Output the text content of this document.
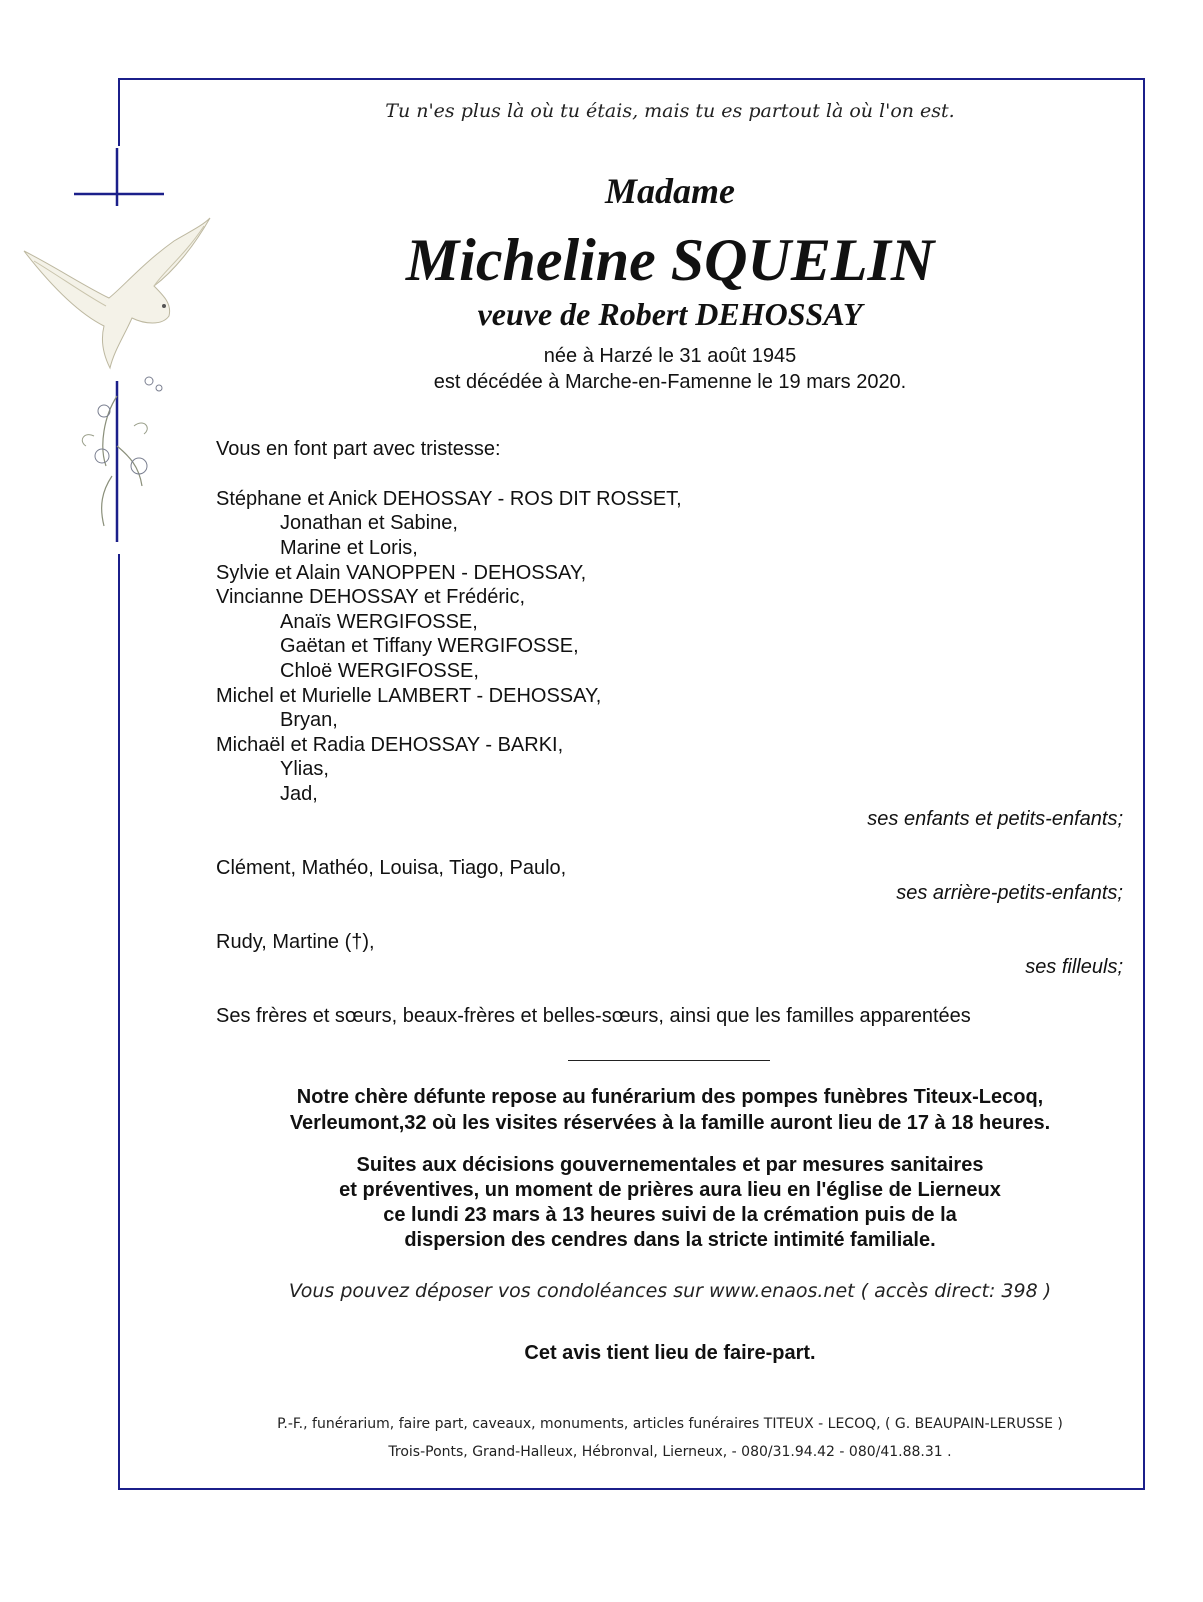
Tu n'es plus là où tu étais, mais tu es partout là où l'on est.
Madame
Micheline SQUELIN
veuve de Robert DEHOSSAY
née à Harzé le 31 août 1945
est décédée à Marche-en-Famenne le 19 mars 2020.
Vous en font part avec tristesse:
Stéphane et Anick DEHOSSAY - ROS DIT ROSSET,
Jonathan et Sabine,
Marine et Loris,
Sylvie et Alain VANOPPEN - DEHOSSAY,
Vincianne DEHOSSAY et Frédéric,
Anaïs WERGIFOSSE,
Gaëtan et Tiffany WERGIFOSSE,
Chloë WERGIFOSSE,
Michel et Murielle LAMBERT - DEHOSSAY,
Bryan,
Michaël et Radia DEHOSSAY - BARKI,
Ylias,
Jad,
ses enfants et petits-enfants;
Clément, Mathéo, Louisa, Tiago, Paulo,
ses arrière-petits-enfants;
Rudy, Martine (†),
ses filleuls;
Ses frères et sœurs, beaux-frères et belles-sœurs, ainsi que les familles apparentées
Notre chère défunte repose au funérarium des pompes funèbres Titeux-Lecoq,
Verleumont,32 où les visites réservées à la famille auront lieu de 17 à 18 heures.
Suites aux décisions gouvernementales et par mesures sanitaires
et préventives, un moment de prières aura lieu en l'église de Lierneux
ce lundi 23 mars à 13 heures suivi de la crémation puis de la
dispersion des cendres dans la stricte intimité familiale.
Vous pouvez déposer vos condoléances sur www.enaos.net ( accès direct: 398 )
Cet avis tient lieu de faire-part.
P.-F., funérarium, faire part, caveaux, monuments, articles funéraires TITEUX - LECOQ, ( G. BEAUPAIN-LERUSSE )
Trois-Ponts, Grand-Halleux, Hébronval, Lierneux, - 080/31.94.42 - 080/41.88.31 .
